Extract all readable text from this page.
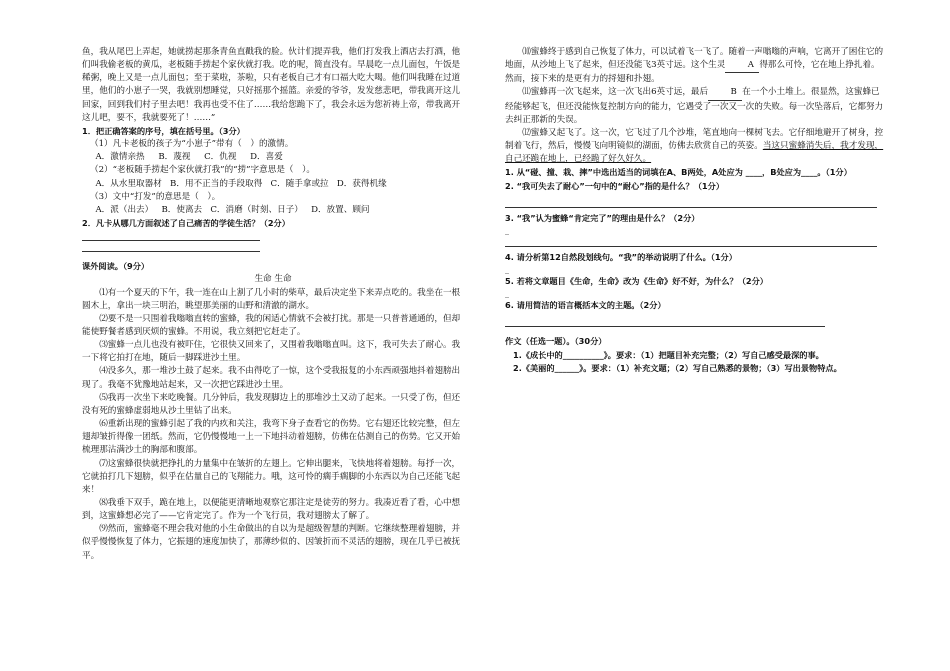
鱼，我从尾巴上弄起，她就捞起那条青鱼直戳我的脸。伙计们提弄我，他们打发我上酒店去打酒，他们叫我偷老板的黄瓜，老板随手捞起个家伙就打我。吃的呢，简直没有。早晨吃一点儿面包，午饭是稀粥，晚上又是一点儿面包；至于菜啦，茶啦，只有老板自己才有口福大吃大喝。他们叫我睡在过道里，他们的小崽子一哭，我就别想睡觉，只好摇那个摇篮。亲爱的爷爷，发发慈悲吧，带我离开这儿回家，回到我们村子里去吧！我再也受不住了……我给您跪下了，我会永远为您祈祷上帝，带我离开这儿吧，要不，我就要死了！……”

1．把正确答案的序号，填在括号里。（3分）

（1）凡卡老板的孩子为“小崽子”带有（　）的激情。

A．激情亲热 B．蔑视 C．仇视 D．喜爱

（2）“老板随手捞起个家伙就打我”的“捞”字意思是（　）。

A．从水里取器材 B．用不正当的手段取得 C．随手拿或拉 D．获得机缘

（3）文中“打发”的意思是（　）。

A．派（出去） B．使离去 C．消磨（时刻、日子） D．放置、顾问

2．凡卡从哪几方面叙述了自己痛苦的学徒生活？（2分）

课外阅读。（9分）

生命 生命

⑴有一个夏天的下午，我一连在山上割了几小时的柴草，最后决定坐下来弄点吃的。我坐在一根圆木上，拿出一块三明治，眺望那美丽的山野和清澈的湖水。

⑵要不是一只围着我嗡嗡直转的蜜蜂，我的闲适心情就不会被打扰。那是一只普普通通的，但却能使野餐者感到厌烦的蜜蜂。不用说，我立刻把它赶走了。

⑶蜜蜂一点儿也没有被吓住，它很快又回来了，又围着我嗡嗡直叫。这下，我可失去了耐心。我一下将它拍打在地，随后一脚踩进沙土里。

⑷没多久，那一堆沙土鼓了起来。我不由得吃了一惊，这个受我报复的小东西顽强地抖着翅膀出现了。我毫不犹豫地站起来，又一次把它踩进沙土里。

⑸我再一次坐下来吃晚餐。几分钟后，我发现脚边上的那堆沙土又动了起来。一只受了伤，但还没有死的蜜蜂虚弱地从沙土里钻了出来。

⑹重新出现的蜜蜂引起了我的内疚和关注，我弯下身子查看它的伤势。它右翅还比较完整，但左翅却皱折得像一团纸。然而，它仍慢慢地一上一下地抖动着翅膀，仿佛在估测自己的伤势。它又开始梳理那沾满沙土的胸部和腹部。

⑺这蜜蜂很快就把挣扎的力量集中在皱折的左翅上。它伸出腿来，飞快地将着翅膀。每抒一次，它就拍打几下翅膀，似乎在估量自己的飞翔能力。哦，这可怜的瘸手瘸脚的小东西以为自己还能飞起来！

⑻我垂下双手，跪在地上，以便能更清晰地观察它那注定是徒劳的努力。我凑近看了看，心中想到，这蜜蜂想必完了——它肯定完了。作为一个飞行员，我对翅膀太了解了。

⑼然而，蜜蜂毫不理会我对他的小生命做出的自以为是超级智慧的判断。它继续整理着翅膀，并似乎慢慢恢复了体力，它振翅的速度加快了，那薄纱似的、因皱折而不灵活的翅膀，现在几乎已被抚平。

⑽蜜蜂终于感到自己恢复了体力，可以试着飞一飞了。随着一声嗡嗡的声响，它离开了困住它的地面，从沙地上飞了起来，但还没能飞3英寸远。这个生灵	A 得那么可怜，它在地上挣扎着。然而，接下来的是更有力的捋翅和扑翅。

⑾蜜蜂再一次飞起来，这一次飞出6英寸远，最后	B 在一个小土堆上。很显然，这蜜蜂已经能够起飞，但还没能恢复控制方向的能力，它遇受了一次又一次的失败。每一次坠落后，它都努力去纠正那新的失误。

⑿蜜蜂又起飞了。这一次，它飞过了几个沙堆，笔直地向一棵树飞去。它仔细地避开了树身，控制着飞行，然后，慢慢飞向明镜似的湖面，仿佛去欣赏自己的英姿。当这只蜜蜂消失后，我才发现，自己还跪在地上，已经跪了好久好久。

1. 从“碰、撞、栽、摔”中选出适当的词填在A、B两处，A处应为 ____，B处应为____。（1分）

2. “我可失去了耐心”一句中的“耐心”指的是什么？（1分）

3. “我”认为蜜蜂“肯定完了”的理由是什么？（2分）

_

4. 请分析第12自然段划线句。“我”的举动说明了什么。（1分）

_

5. 若将文章题目《生命，生命》改为《生命》好不好，为什么？（2分）

_

6. 请用简洁的语言概括本文的主题。（2分）

作文（任选一题）。（30分）

1.《成长中的__________》。要求：（1）把题目补充完整；（2）写自己感受最深的事。

2.《美丽的______》。要求：（1）补充文题；（2）写自己熟悉的景物；（3）写出景物特点。
